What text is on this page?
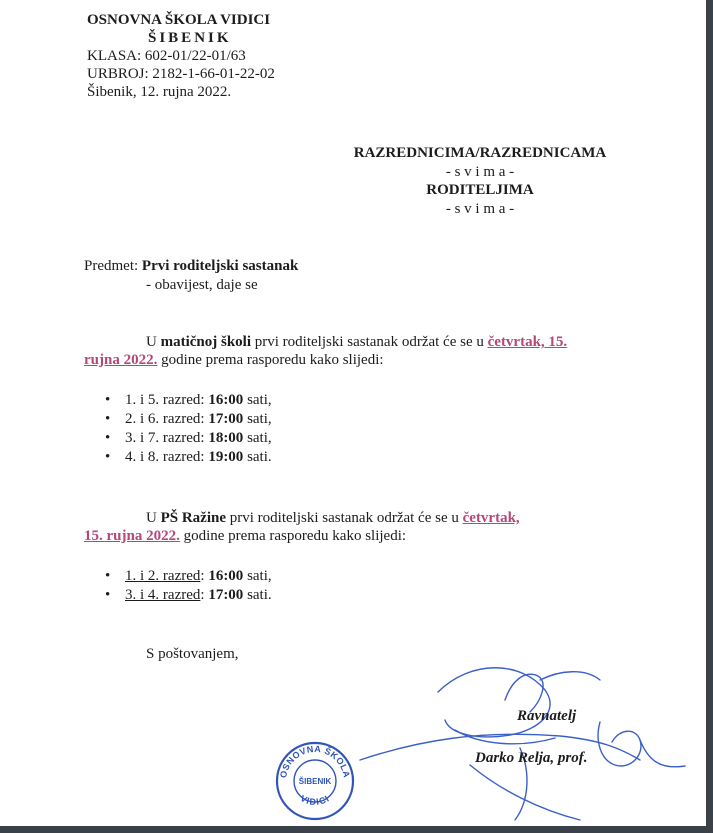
OSNOVNA ŠKOLA VIDICI
ŠIBENIK
KLASA: 602-01/22-01/63
URBROJ: 2182-1-66-01-22-02
Šibenik, 12. rujna 2022.
RAZREDNICIMA/RAZREDNICAMA
- s v i m a -
RODITELJIMA
- s v i m a -
Predmet: Prvi roditeljski sastanak
- obavijest, daje se
U matičnoj školi prvi roditeljski sastanak održat će se u četvrtak, 15.
rujna 2022. godine prema rasporedu kako slijedi:
• 1. i 5. razred: 16:00 sati,
• 2. i 6. razred: 17:00 sati,
• 3. i 7. razred: 18:00 sati,
• 4. i 8. razred: 19:00 sati.
U PŠ Ražine prvi roditeljski sastanak održat će se u četvrtak,
15. rujna 2022. godine prema rasporedu kako slijedi:
• 1. i 2. razred: 16:00 sati,
• 3. i 4. razred: 17:00 sati.
S poštovanjem,
Ravnatelj
Darko Relja, prof.
OSNOVNA ŠKOLA
ŠIBENIK
VIDICI
